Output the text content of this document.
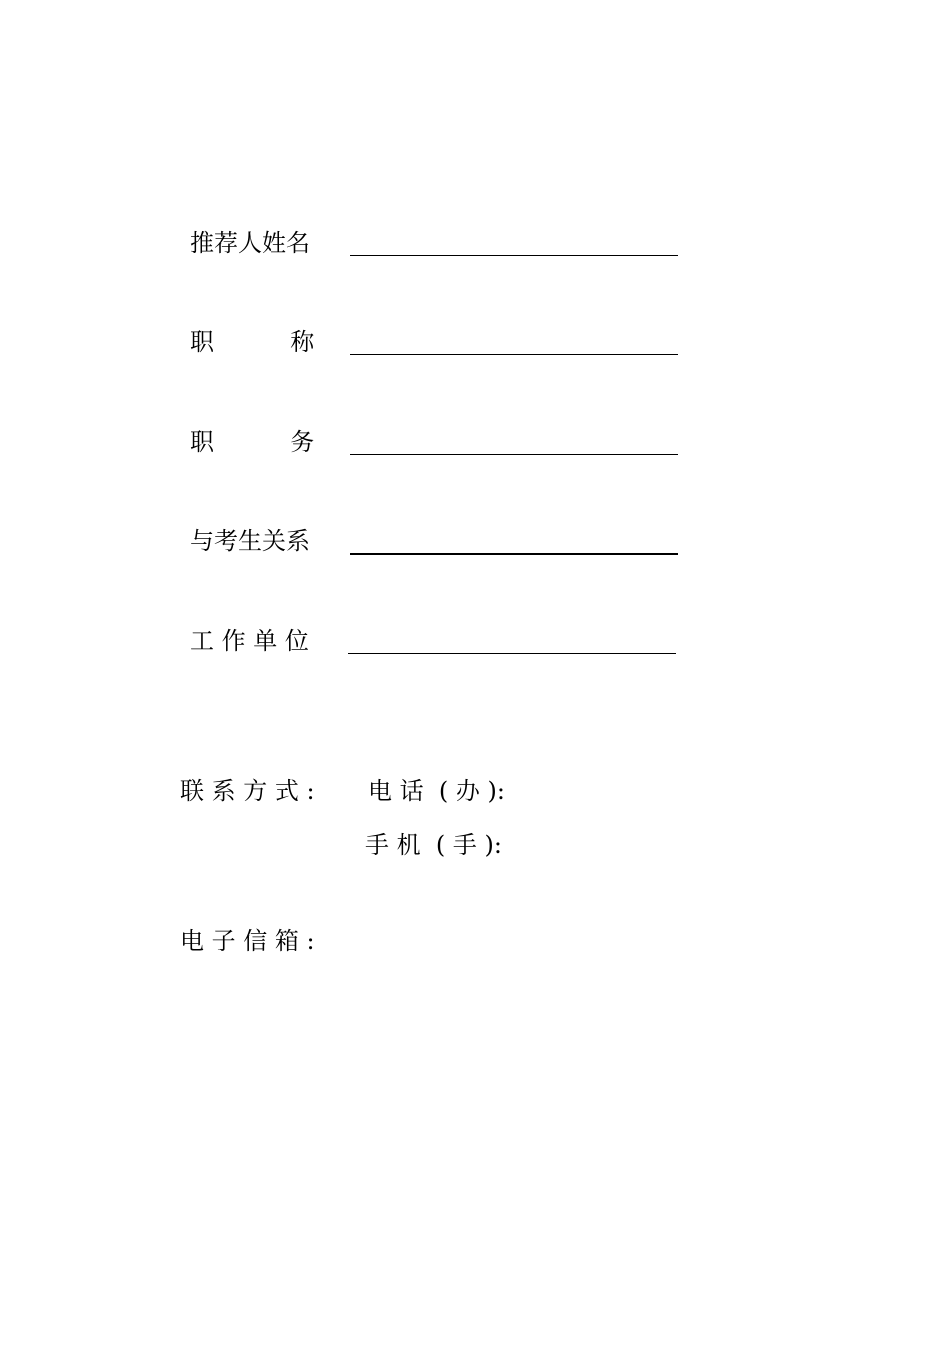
推荐人姓名
职          称
职          务
与考生关系
工 作 单 位
联 系 方 式 : 电 话  ( 办 ):
手 机  ( 手 ):
电 子 信 箱 :
